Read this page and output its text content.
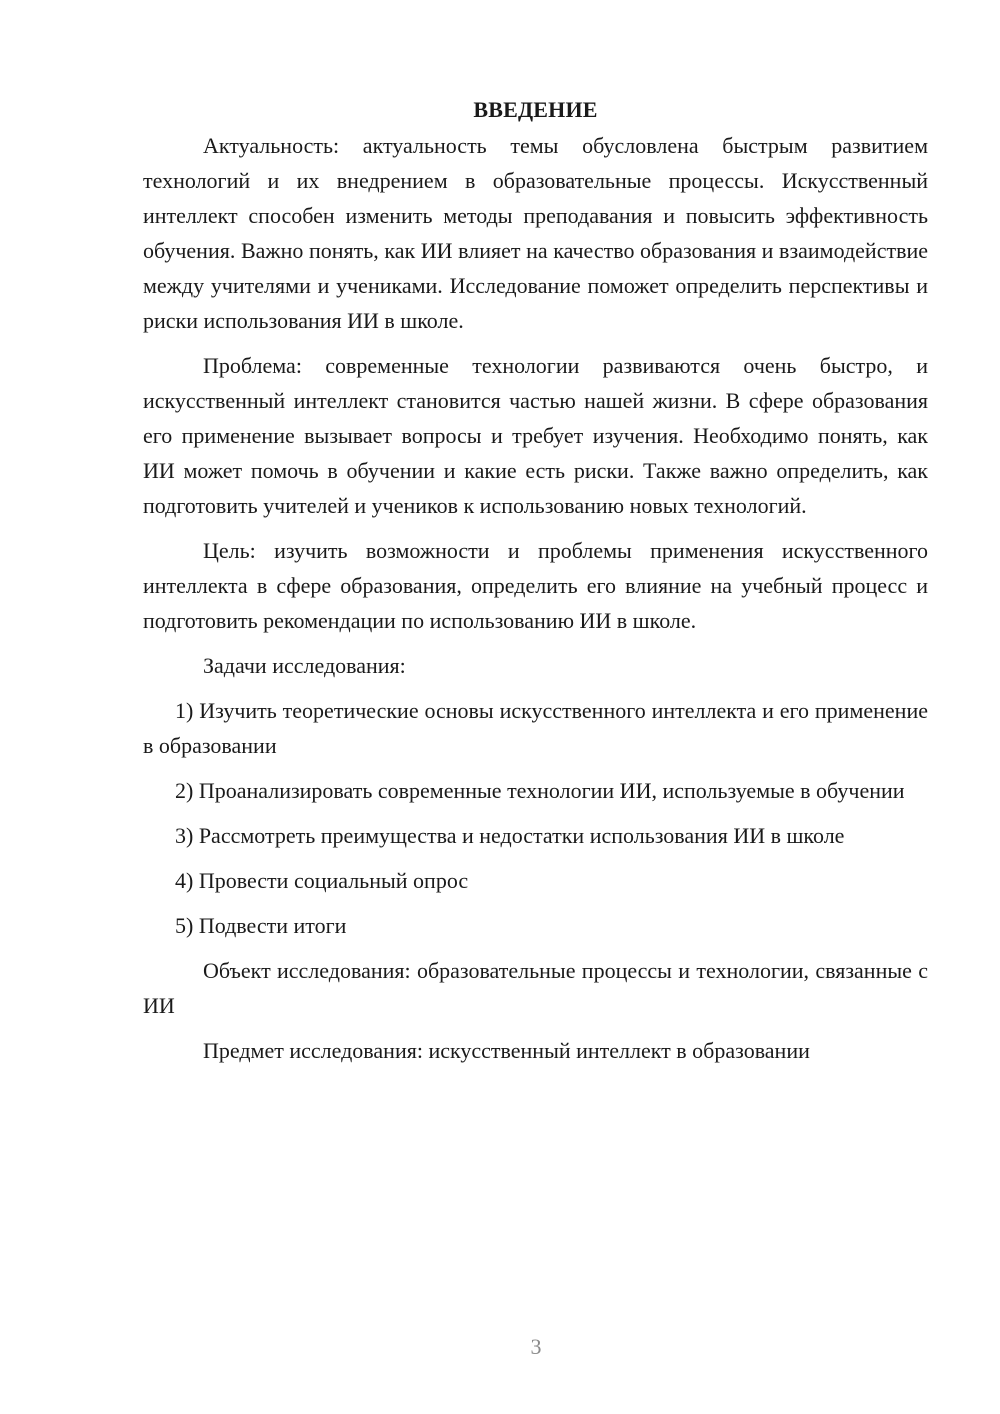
ВВЕДЕНИЕ

Актуальность: актуальность темы обусловлена быстрым развитием технологий и их внедрением в образовательные процессы. Искусственный интеллект способен изменить методы преподавания и повысить эффективность обучения. Важно понять, как ИИ влияет на качество образования и взаимодействие между учителями и учениками. Исследование поможет определить перспективы и риски использования ИИ в школе.

Проблема: современные технологии развиваются очень быстро, и искусственный интеллект становится частью нашей жизни. В сфере образования его применение вызывает вопросы и требует изучения. Необходимо понять, как ИИ может помочь в обучении и какие есть риски. Также важно определить, как подготовить учителей и учеников к использованию новых технологий.

Цель: изучить возможности и проблемы применения искусственного интеллекта в сфере образования, определить его влияние на учебный процесс и подготовить рекомендации по использованию ИИ в школе.

Задачи исследования:

1) Изучить теоретические основы искусственного интеллекта и его применение в образовании

2) Проанализировать современные технологии ИИ, используемые в обучении

3) Рассмотреть преимущества и недостатки использования ИИ в школе

4) Провести социальный опрос

5) Подвести итоги

Объект исследования: образовательные процессы и технологии, связанные с ИИ

Предмет исследования: искусственный интеллект в образовании

3
